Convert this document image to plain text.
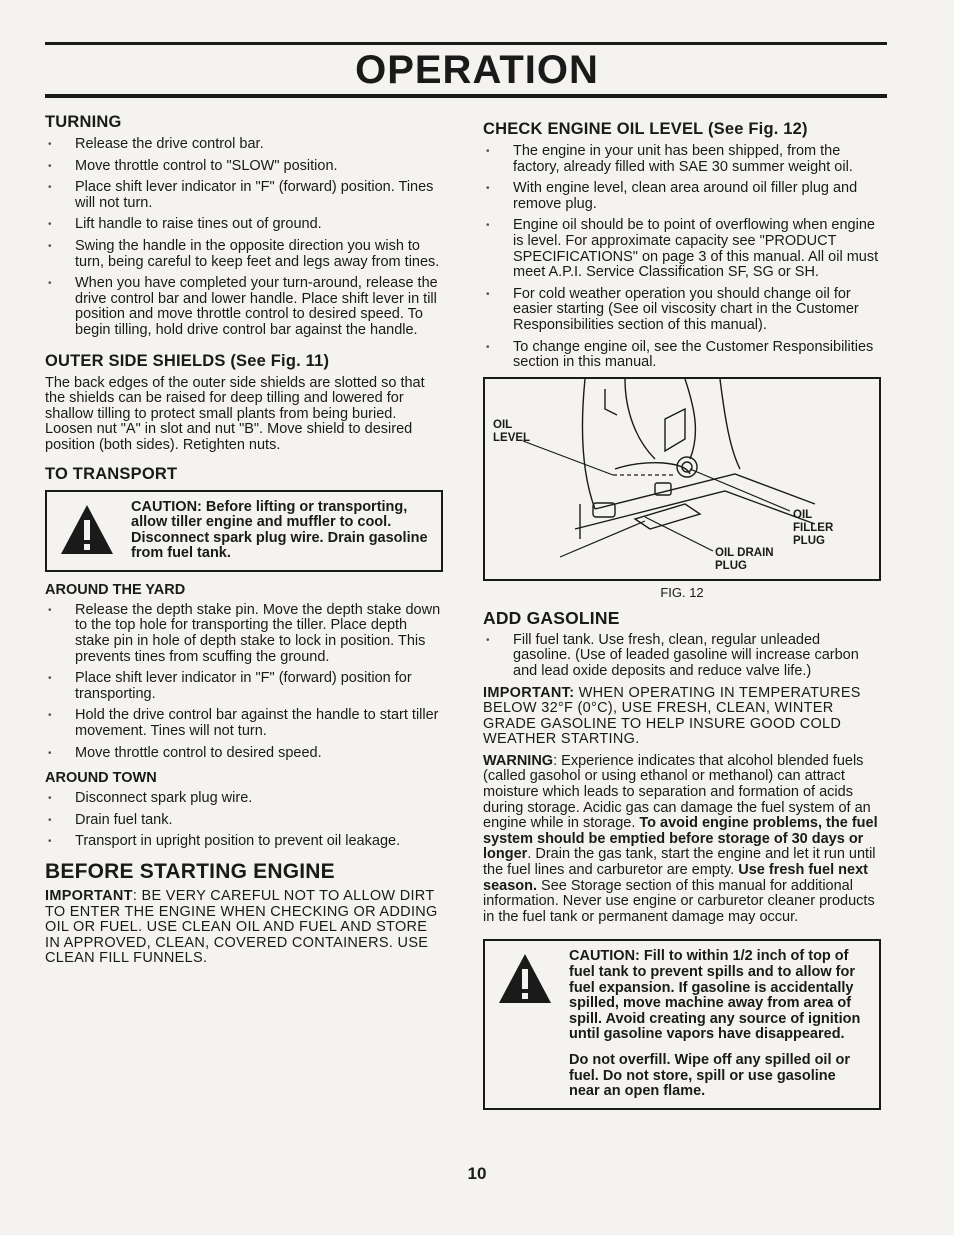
OPERATION
TURNING
• Release the drive control bar.
• Move throttle control to "SLOW" position.
• Place shift lever indicator in "F" (forward) position. Tines will not turn.
• Lift handle to raise tines out of ground.
• Swing the handle in the opposite direction you wish to turn, being careful to keep feet and legs away from tines.
• When you have completed your turn-around, release the drive control bar and lower handle. Place shift lever in till position and move throttle control to desired speed. To begin tilling, hold drive control bar against the handle.
OUTER SIDE SHIELDS (See Fig. 11)

The back edges of the outer side shields are slotted so that the shields can be raised for deep tilling and lowered for shallow tilling to protect small plants from being buried. Loosen nut "A" in slot and nut "B". Move shield to desired position (both sides). Retighten nuts.

TO TRANSPORT

CAUTION: Before lifting or transporting, allow tiller engine and muffler to cool. Disconnect spark plug wire. Drain gasoline from fuel tank.

AROUND THE YARD
• Release the depth stake pin. Move the depth stake down to the top hole for transporting the tiller. Place depth stake pin in hole of depth stake to lock in position. This prevents tines from scuffing the ground.
• Place shift lever indicator in "F" (forward) position for transporting.
• Hold the drive control bar against the handle to start tiller movement. Tines will not turn.
• Move throttle control to desired speed.
AROUND TOWN
• Disconnect spark plug wire.
• Drain fuel tank.
• Transport in upright position to prevent oil leakage.
BEFORE STARTING ENGINE

IMPORTANT: BE VERY CAREFUL NOT TO ALLOW DIRT TO ENTER THE ENGINE WHEN CHECKING OR ADDING OIL OR FUEL. USE CLEAN OIL AND FUEL AND STORE IN APPROVED, CLEAN, COVERED CONTAINERS. USE CLEAN FILL FUNNELS.

CHECK ENGINE OIL LEVEL (See Fig. 12)
• The engine in your unit has been shipped, from the factory, already filled with SAE 30 summer weight oil.
• With engine level, clean area around oil filler plug and remove plug.
• Engine oil should be to point of overflowing when engine is level. For approximate capacity see "PRODUCT SPECIFICATIONS" on page 3 of this manual. All oil must meet A.P.I. Service Classification SF, SG or SH.
• For cold weather operation you should change oil for easier starting (See oil viscosity chart in the Customer Responsibilities section of this manual).
• To change engine oil, see the Customer Responsibilities section in this manual.
OIL
LEVEL
OIL
FILLER
PLUG
OIL DRAIN
PLUG
FIG. 12
ADD GASOLINE
• Fill fuel tank. Use fresh, clean, regular unleaded gasoline. (Use of leaded gasoline will increase carbon and lead oxide deposits and reduce valve life.)

IMPORTANT: WHEN OPERATING IN TEMPERATURES BELOW 32°F (0°C), USE FRESH, CLEAN, WINTER GRADE GASOLINE TO HELP INSURE GOOD COLD WEATHER STARTING.

WARNING: Experience indicates that alcohol blended fuels (called gasohol or using ethanol or methanol) can attract moisture which leads to separation and formation of acids during storage. Acidic gas can damage the fuel system of an engine while in storage. To avoid engine problems, the fuel system should be emptied before storage of 30 days or longer. Drain the gas tank, start the engine and let it run until the fuel lines and carburetor are empty. Use fresh fuel next season. See Storage section of this manual for additional information. Never use engine or carburetor cleaner products in the fuel tank or permanent damage may occur.

CAUTION: Fill to within 1/2 inch of top of fuel tank to prevent spills and to allow for fuel expansion. If gasoline is accidentally spilled, move machine away from area of spill. Avoid creating any source of ignition until gasoline vapors have disappeared.

Do not overfill. Wipe off any spilled oil or fuel. Do not store, spill or use gasoline near an open flame.

10
